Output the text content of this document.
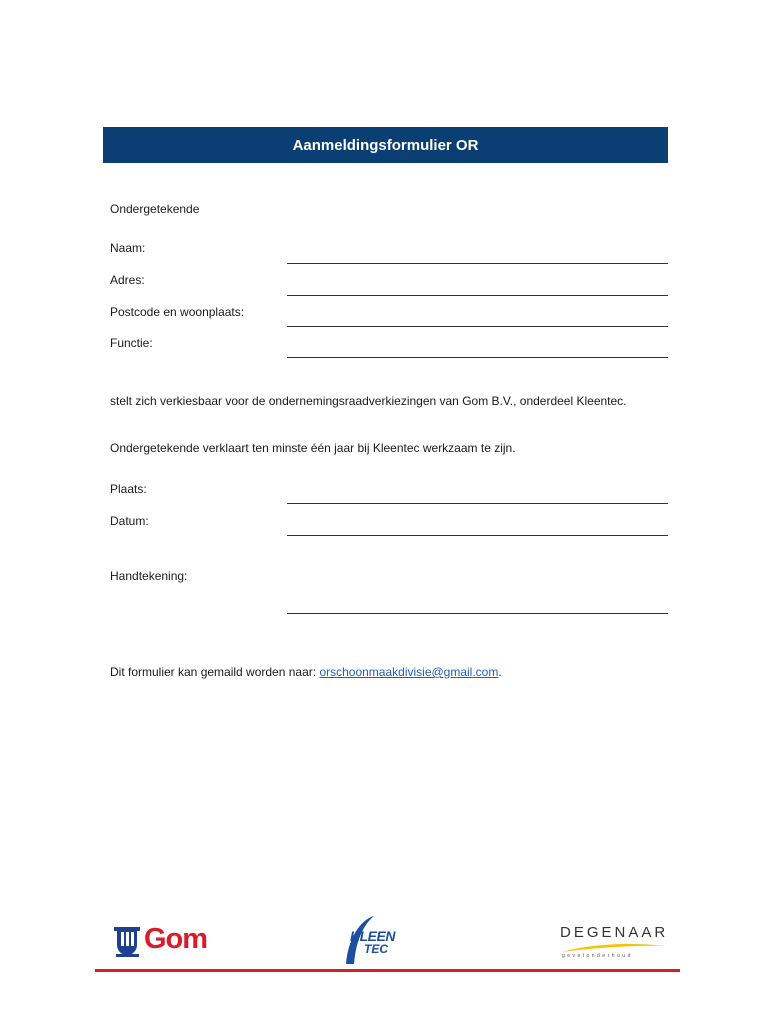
Aanmeldingsformulier OR
Ondergetekende
Naam:
Adres:
Postcode en woonplaats:
Functie:
stelt zich verkiesbaar voor de ondernemingsraadverkiezingen van Gom B.V., onderdeel Kleentec.
Ondergetekende verklaart ten minste één jaar bij Kleentec werkzaam te zijn.
Plaats:
Datum:
Handtekening:
Dit formulier kan gemaild worden naar: orschoonmaakdivisie@gmail.com.
Gom	KLEEN
TEC
DEGENAAR
gevelonderhoud
